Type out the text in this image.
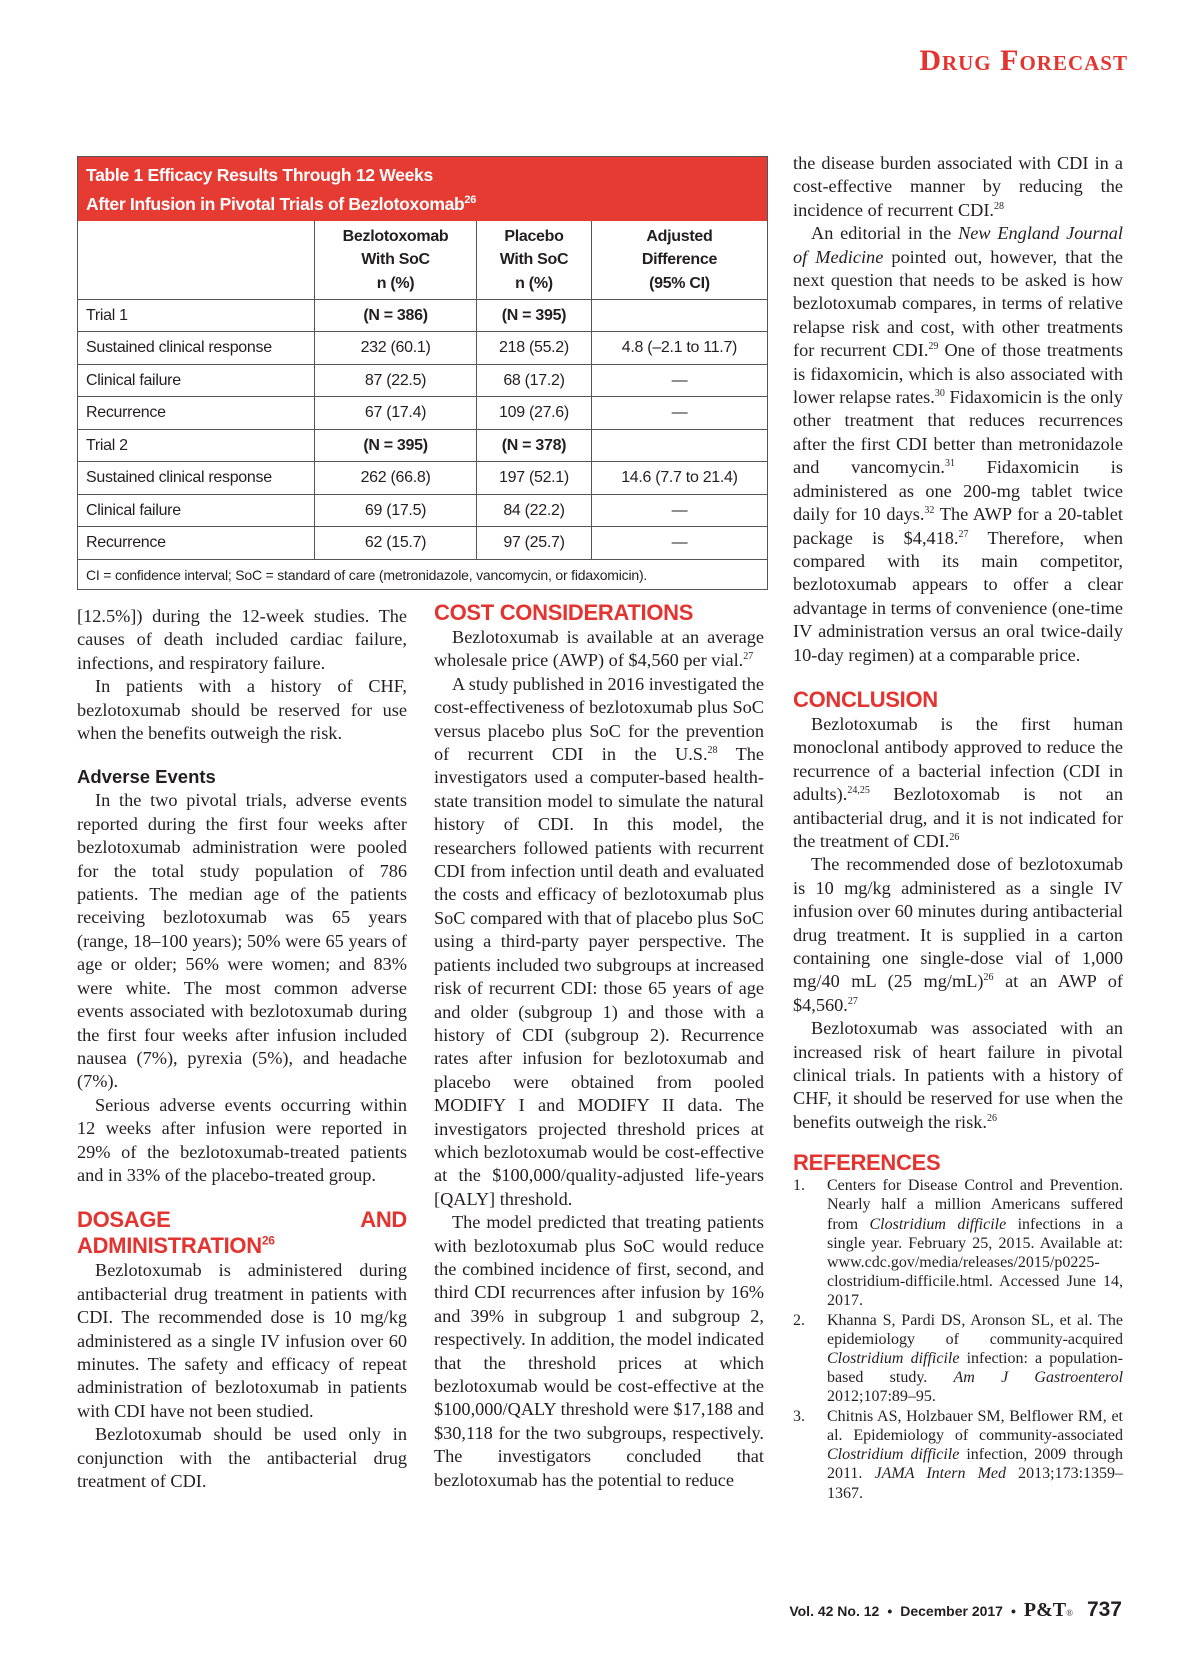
Drug Forecast
Table 1 Efficacy Results Through 12 Weeks
After Infusion in Pivotal Trials of Bezlotoxomab$^{26}$

Bezlotoxomab
With SoC
n (%)

Placebo
With SoC
n (%)

Adjusted
Difference
(95% CI)

Trial 1	(N = 386)	(N = 395)	
Sustained clinical response	232 (60.1)	218 (55.2)	4.8 (–2.1 to 11.7)
Clinical failure	87 (22.5)	68 (17.2)	—
Recurrence	67 (17.4)	109 (27.6)	—
Trial 2	(N = 395)	(N = 378)	
Sustained clinical response	262 (66.8)	197 (52.1)	14.6 (7.7 to 21.4)
Clinical failure	69 (17.5)	84 (22.2)	—
Recurrence	62 (15.7)	97 (25.7)	—
CI = confidence interval; SoC = standard of care (metronidazole, vancomycin, or fidaxomicin).

[12.5%]) during the 12-week studies. The causes of death included cardiac failure, infections, and respiratory failure.

In patients with a history of CHF, bezlotoxumab should be reserved for use when the benefits outweigh the risk.

Adverse Events

In the two pivotal trials, adverse events reported during the first four weeks after bezlotoxumab administration were pooled for the total study population of 786 patients. The median age of the patients receiving bezlotoxumab was 65 years (range, 18–100 years); 50% were 65 years of age or older; 56% were women; and 83% were white. The most common adverse events associated with bezlotoxumab during the first four weeks after infusion included nausea (7%), pyrexia (5%), and headache (7%).

Serious adverse events occurring within 12 weeks after infusion were reported in 29% of the bezlotoxumab-treated patients and in 33% of the placebo-treated group.

DOSAGE AND ADMINISTRATION$^{26}$

Bezlotoxumab is administered during antibacterial drug treatment in patients with CDI. The recommended dose is 10 mg/kg administered as a single IV infusion over 60 minutes. The safety and efficacy of repeat administration of bezlotoxumab in patients with CDI have not been studied.

Bezlotoxumab should be used only in conjunction with the antibacterial drug treatment of CDI.

COST CONSIDERATIONS

Bezlotoxumab is available at an average wholesale price (AWP) of $4,560 per vial.$^{27}$

A study published in 2016 investigated the cost-effectiveness of bezlotoxumab plus SoC versus placebo plus SoC for the prevention of recurrent CDI in the U.S.$^{28}$ The investigators used a computer-based health-state transition model to simulate the natural history of CDI. In this model, the researchers followed patients with recurrent CDI from infection until death and evaluated the costs and efficacy of bezlotoxumab plus SoC compared with that of placebo plus SoC using a third-party payer perspective. The patients included two subgroups at increased risk of recurrent CDI: those 65 years of age and older (subgroup 1) and those with a history of CDI (subgroup 2). Recurrence rates after infusion for bezlotoxumab and placebo were obtained from pooled MODIFY I and MODIFY II data. The investigators projected threshold prices at which bezlotoxumab would be cost-effective at the $100,000/quality-adjusted life-years [QALY] threshold.

The model predicted that treating patients with bezlotoxumab plus SoC would reduce the combined incidence of first, second, and third CDI recurrences after infusion by 16% and 39% in subgroup 1 and subgroup 2, respectively. In addition, the model indicated that the threshold prices at which bezlotoxumab would be cost-effective at the $100,000/QALY threshold were $17,188 and $30,118 for the two subgroups, respectively. The investigators concluded that bezlotoxumab has the potential to reduce

the disease burden associated with CDI in a cost-effective manner by reducing the incidence of recurrent CDI.$^{28}$

An editorial in the New England Journal of Medicine pointed out, however, that the next question that needs to be asked is how bezlotoxumab compares, in terms of relative relapse risk and cost, with other treatments for recurrent CDI.$^{29}$ One of those treatments is fidaxomicin, which is also associated with lower relapse rates.$^{30}$ Fidaxomicin is the only other treatment that reduces recurrences after the first CDI better than metronidazole and vancomycin.$^{31}$ Fidaxomicin is administered as one 200-mg tablet twice daily for 10 days.$^{32}$ The AWP for a 20-tablet package is $4,418.27 Therefore, when compared with its main competitor, bezlotoxumab appears to offer a clear advantage in terms of convenience (one-time IV administration versus an oral twice-daily 10-day regimen) at a comparable price.

CONCLUSION

Bezlotoxumab is the first human monoclonal antibody approved to reduce the recurrence of a bacterial infection (CDI in adults).$^{24,25}$ Bezlotoxomab is not an antibacterial drug, and it is not indicated for the treatment of CDI.$^{26}$

The recommended dose of bezlotoxumab is 10 mg/kg administered as a single IV infusion over 60 minutes during antibacterial drug treatment. It is supplied in a carton containing one single-dose vial of 1,000 mg/40 mL (25 mg/mL)$^{26}$ at an AWP of $4,560.27

Bezlotoxumab was associated with an increased risk of heart failure in pivotal clinical trials. In patients with a history of CHF, it should be reserved for use when the benefits outweigh the risk.$^{26}$

REFERENCES
1.	Centers for Disease Control and Prevention. Nearly half a million Americans suffered from Clostridium difficile infections in a single year. February 25, 2015. Available at: www.cdc.gov/media/releases/2015/p0225-clostridium-difficile.html. Accessed June 14, 2017.
2.	Khanna S, Pardi DS, Aronson SL, et al. The epidemiology of community-acquired Clostridium difficile infection: a population-based study. Am J Gastroenterol 2012;107:89–95.
3.	Chitnis AS, Holzbauer SM, Belflower RM, et al. Epidemiology of community-associated Clostridium difficile infection, 2009 through 2011. JAMA Intern Med 2013;173:1359–1367.
Vol. 42 No. 12 • December 2017 • P&T® 737
